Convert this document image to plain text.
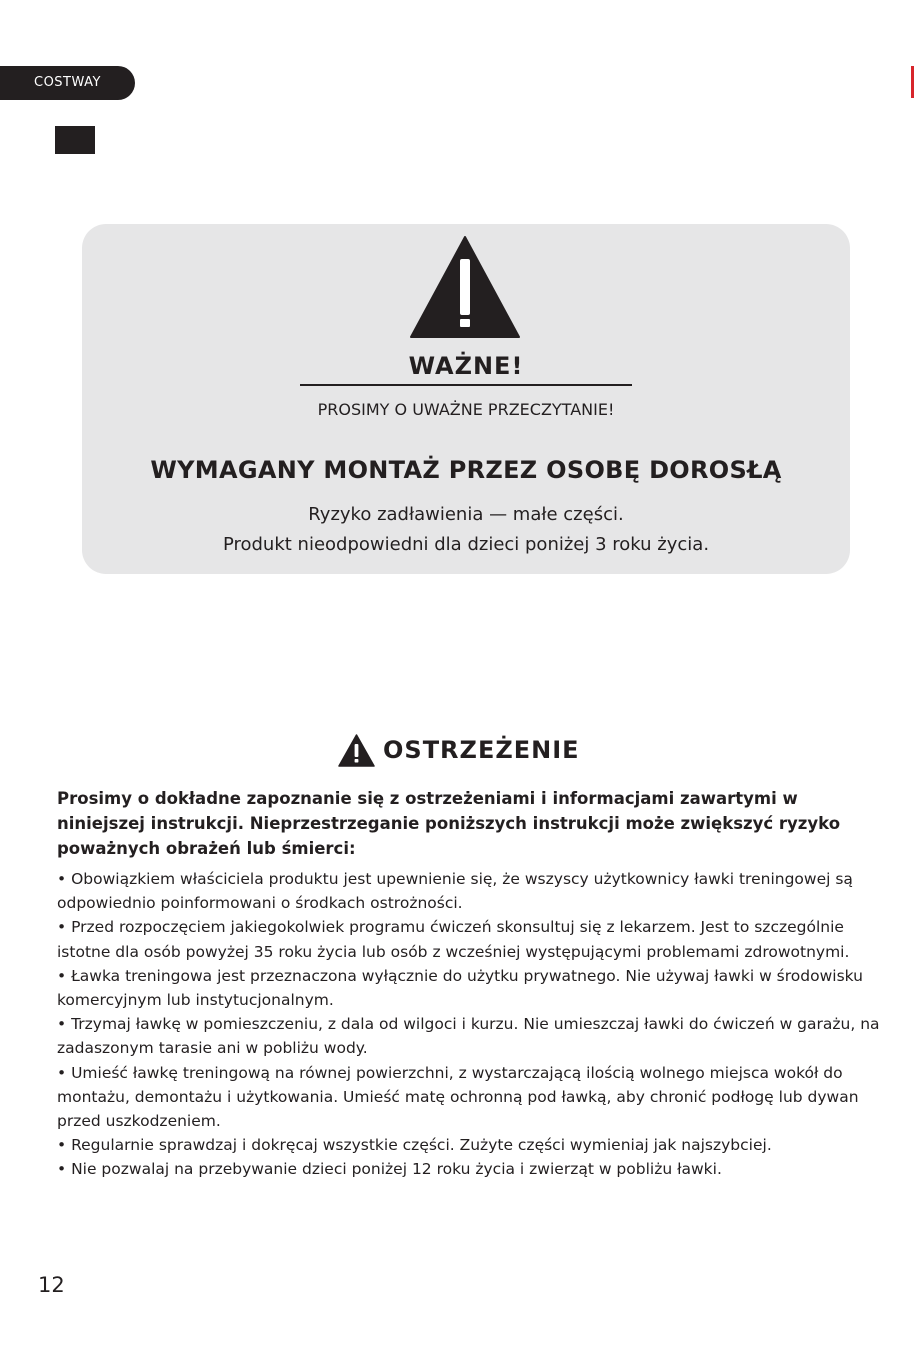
COSTWAY
WAŻNE!
PROSIMY O UWAŻNE PRZECZYTANIE!
WYMAGANY MONTAŻ PRZEZ OSOBĘ DOROSŁĄ
Ryzyko zadławienia — małe części.
Produkt nieodpowiedni dla dzieci poniżej 3 roku życia.
OSTRZEŻENIE
Prosimy o dokładne zapoznanie się z ostrzeżeniami i informacjami zawartymi w niniejszej instrukcji. Nieprzestrzeganie poniższych instrukcji może zwiększyć ryzyko poważnych obrażeń lub śmierci:

• Obowiązkiem właściciela produktu jest upewnienie się, że wszyscy użytkownicy ławki treningowej są odpowiednio poinformowani o środkach ostrożności.

• Przed rozpoczęciem jakiegokolwiek programu ćwiczeń skonsultuj się z lekarzem. Jest to szczególnie istotne dla osób powyżej 35 roku życia lub osób z wcześniej występującymi problemami zdrowotnymi.

• Ławka treningowa jest przeznaczona wyłącznie do użytku prywatnego. Nie używaj ławki w środowisku komercyjnym lub instytucjonalnym.

• Trzymaj ławkę w pomieszczeniu, z dala od wilgoci i kurzu. Nie umieszczaj ławki do ćwiczeń w garażu, na zadaszonym tarasie ani w pobliżu wody.

• Umieść ławkę treningową na równej powierzchni, z wystarczającą ilością wolnego miejsca wokół do montażu, demontażu i użytkowania. Umieść matę ochronną pod ławką, aby chronić podłogę lub dywan przed uszkodzeniem.

• Regularnie sprawdzaj i dokręcaj wszystkie części. Zużyte części wymieniaj jak najszybciej.

• Nie pozwalaj na przebywanie dzieci poniżej 12 roku życia i zwierząt w pobliżu ławki.

12
